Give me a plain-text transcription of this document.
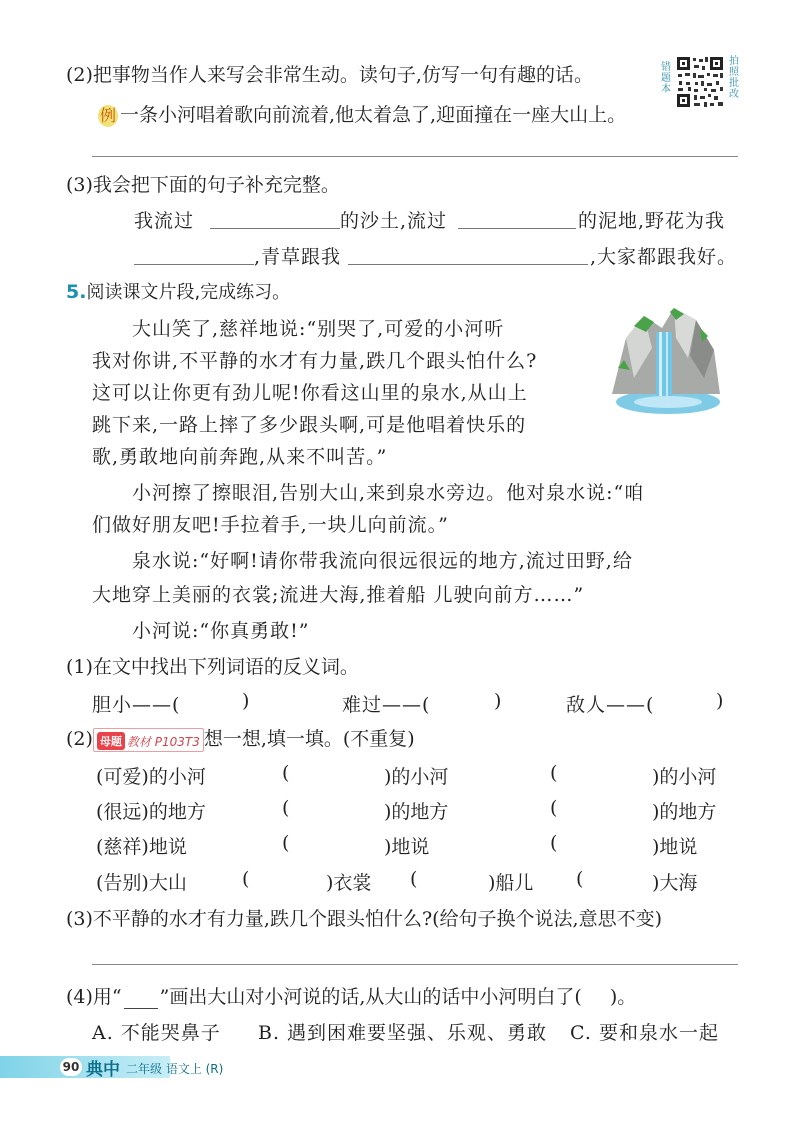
(2)把事物当作人来写会非常生动。读句子,仿写一句有趣的话。
例 一条小河唱着歌向前流着,他太着急了,迎面撞在一座大山上。
错题本
拍照批改
(3)我会把下面的句子补充完整。
我流过	的沙土,流过	的泥地,野花为我
,青草跟我	,大家都跟我好。
5.阅读课文片段,完成练习。
大山笑了,慈祥地说:“别哭了,可爱的小河听
我对你讲,不平静的水才有力量,跌几个跟头怕什么?
这可以让你更有劲儿呢!你看这山里的泉水,从山上
跳下来,一路上摔了多少跟头啊,可是他唱着快乐的
歌,勇敢地向前奔跑,从来不叫苦。”
小河擦了擦眼泪,告别大山,来到泉水旁边。他对泉水说:“咱
们做好朋友吧!手拉着手,一块儿向前流。”
泉水说:“好啊!请你带我流向很远很远的地方,流过田野,给
大地穿上美丽的衣裳;流进大海,推着船 儿驶向前方……”
小河说:“你真勇敢!”
(1)在文中找出下列词语的反义词。
胆小——(	)	难过——(	)	敌人——(	)
(2) 母题 教材 P103T3 想一想,填一填。(不重复)
(可爱)的小河	(	)的小河	(	)的小河
(很远)的地方	(	)的地方	(	)的地方
(慈祥)地说	(	)地说	(	)地说
(告别)大山	(	)衣裳 (	)船儿 (	)大海
(3)不平静的水才有力量,跌几个跟头怕什么?(给句子换个说法,意思不变)
(4)用“ ”画出大山对小河说的话,从大山的话中小河明白了( )。
A. 不能哭鼻子 B. 遇到困难要坚强、乐观、勇敢 C. 要和泉水一起
90 典中 二年级 语文上 (R)
